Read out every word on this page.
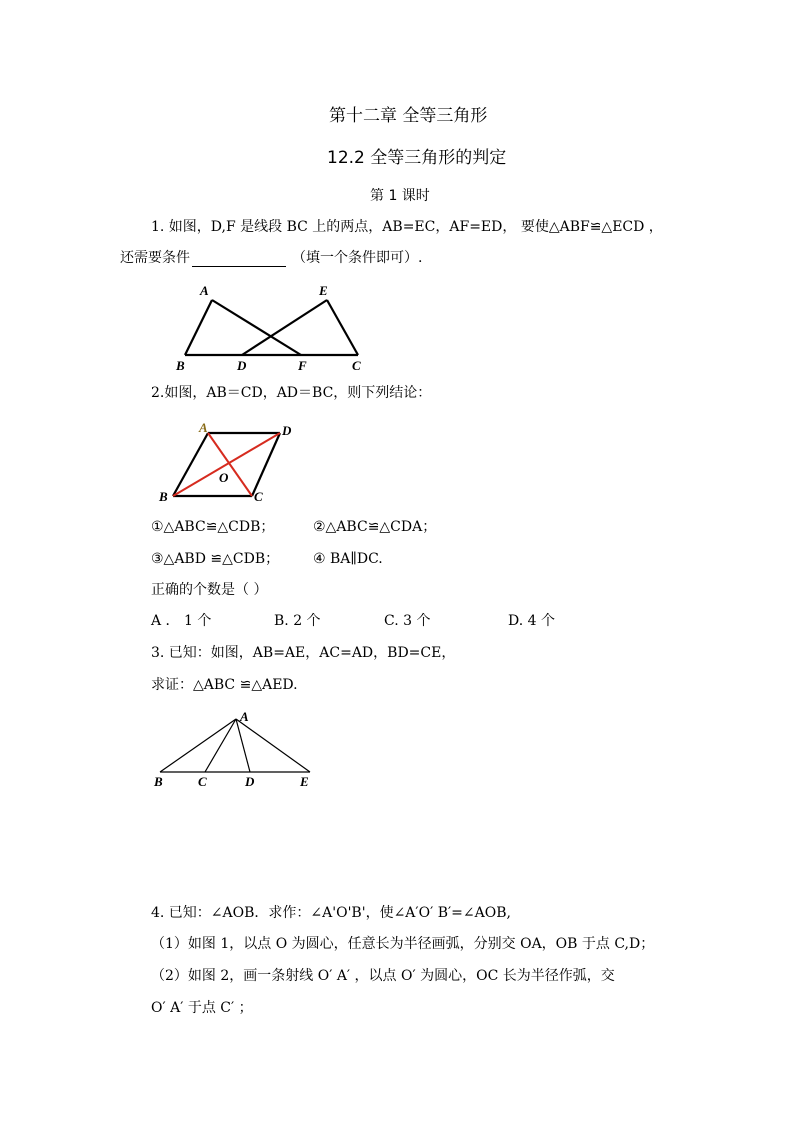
第十二章 全等三角形
12.2 全等三角形的判定
第 1 课时
1. 如图，D,F 是线段 BC 上的两点，AB=EC，AF=ED， 要使△ABF≌△ECD ，
还需要条件	（填一个条件即可）.
A	E
B	D	F	C
2.如图，AB＝CD，AD＝BC，则下列结论：
A	D
B	C
O
①△ABC≌△CDB；	②△ABC≌△CDA；
③△ABD ≌△CDB； ④ BA∥DC.
正确的个数是（ ）
A ． 1 个	B. 2 个	C. 3 个	D. 4 个
3. 已知：如图，AB=AE，AC=AD，BD=CE，
求证：△ABC ≌△AED.
A
B	C	D	E
4. 已知：∠AOB．求作：∠A'O'B'，使∠A′O′ B′=∠AOB,
（1）如图 1，以点 O 为圆心，任意长为半径画弧，分别交 OA，OB 于点 C,D；
（2）如图 2，画一条射线 O′ A′ ，以点 O′ 为圆心，OC 长为半径作弧，交
O′ A′ 于点 C′ ；
